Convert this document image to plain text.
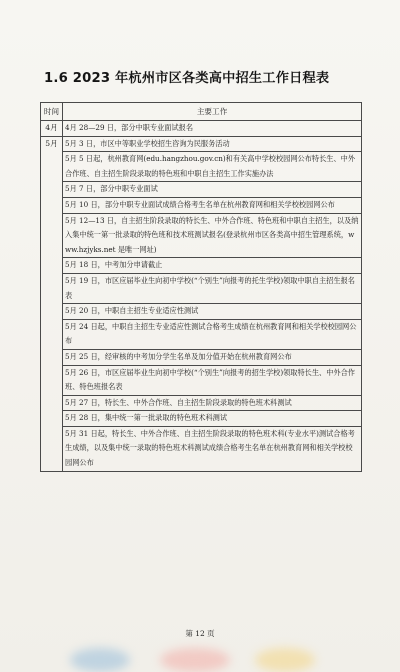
1.6 2023 年杭州市区各类高中招生工作日程表
时间	主要工作
4月	4月 28—29 日，部分中职专业面试报名
5月	5月 3 日，市区中等职业学校招生咨询为民服务活动
	5月 5 日起，杭州教育网(edu.hangzhou.gov.cn)和有关高中学校校园网公布特长生、中外合作班、自主招生阶段录取的特色班和中职自主招生工作实施办法
	5月 7 日，部分中职专业面试
	5月 10 日，部分中职专业面试成绩合格考生名单在杭州教育网和相关学校校园网公布
	5月 12—13 日，自主招生阶段录取的特长生、中外合作班、特色班和中职自主招生，以及纳入集中统一第一批录取的特色班和技术班测试报名(登录杭州市区各类高中招生管理系统，www.hzjyks.net 是唯一网址)
	5月 18 日，中考加分申请截止
	5月 19 日，市区应届毕业生向初中学校(“个别生”向报考的托生学校)领取中职自主招生报名表
	5月 20 日，中职自主招生专业适应性测试
	5月 24 日起，中职自主招生专业适应性测试合格考生成绩在杭州教育网和相关学校校园网公布
	5月 25 日，经审核的中考加分学生名单及加分值开始在杭州教育网公布
	5月 26 日，市区应届毕业生向初中学校(“个别生”向报考的招生学校)领取特长生、中外合作班、特色班报名表
	5月 27 日，特长生、中外合作班、自主招生阶段录取的特色班术科测试
	5月 28 日，集中统一第一批录取的特色班术科测试
	5月 31 日起，特长生、中外合作班、自主招生阶段录取的特色班术科(专业水平)测试合格考生成绩，以及集中统一录取的特色班术科测试成绩合格考生名单在杭州教育网和相关学校校园网公布
第 12 页
